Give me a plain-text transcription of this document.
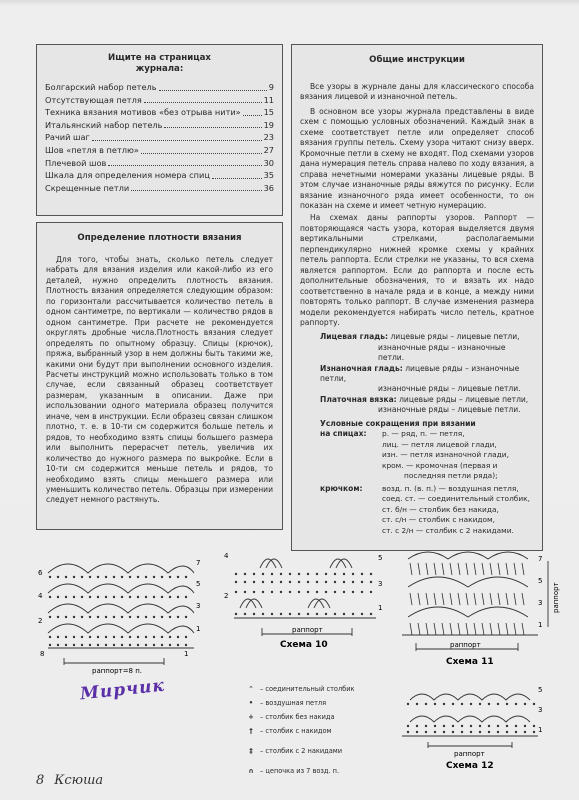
Ищите на страницах журнала:
Болгарский набор петель	9
Отсутствующая петля	11
Техника вязания мотивов «без отрыва нити»	15
Итальянский набор петель	19
Рачий шаг	23
Шов «петля в петлю»	27
Плечевой шов	30
Шкала для определения номера спиц	35
Скрещенные петли	36
Определение плотности вязания

Для того, чтобы знать, сколько петель следует набрать для вязания изделия или какой-либо из его деталей, нужно определить плотность вязания. Плотность вязания определяется следующим образом: по горизонтали рассчитывается количество петель в одном сантиметре, по вертикали — количество рядов в одном сантиметре. При расчете не рекомендуется округлять дробные числа.Плотность вязания следует определять по опытному образцу. Спицы (крючок), пряжа, выбранный узор в нем должны быть такими же, какими они будут при выполнении основного изделия. Расчеты инструкций можно использовать только в том случае, если связанный образец соответствует размерам, указанным в описании. Даже при использовании одного материала образец получится иначе, чем в инструкции. Если образец связан слишком плотно, т. е. в 10-ти см содержится больше петель и рядов, то необходимо взять спицы большего размера или выполнить перерасчет петель, увеличив их количество до нужного размера по выкройке. Если в 10-ти см содержится меньше петель и рядов, то необходимо взять спицы меньшего размера или уменьшить количество петель. Образцы при измерении следует немного растянуть.

Общие инструкции

Все узоры в журнале даны для классического способа вязания лицевой и изнаночной петель.

В основном все узоры журнала представлены в виде схем с помощью условных обозначений. Каждый знак в схеме соответствует петле или определяет способ вязания группы петель. Схему узора читают снизу вверх. Кромочные петли в схему не входят. Под схемами узоров дана нумерация петель справа налево по ходу вязания, а справа нечетными номерами указаны лицевые ряды. В этом случае изнаночные ряды вяжутся по рисунку. Если вязание изнаночного ряда имеет особенности, то он показан на схеме и имеет четную нумерацию.

На схемах даны раппорты узоров. Раппорт — повторяющаяся часть узора, которая выделяется двумя вертикальными стрелками, располагаемыми перпендикулярно нижней кромке схемы у крайних петель раппорта. Если стрелки не указаны, то вся схема является раппортом. Если до раппорта и после есть дополнительные обозначения, то и вязать их надо соответственно в начале ряда и в конце, а между ними повторять только раппорт. В случае изменения размера модели рекомендуется набирать число петель, кратное раппорту.

Лицевая гладь: лицевые ряды – лицевые петли,
изнаночные ряды – изнаночные петли.
Изнаночная гладь: лицевые ряды – изнаночные петли,
изнаночные ряды – лицевые петли.
Платочная вязка: лицевые ряды – лицевые петли,
изнаночные ряды – лицевые петли.
Условные сокращения при вязании
на спицах:	р. — ряд, п. — петля,
лиц. — петля лицевой глади,
изн. — петля изнаночной глади,
кром. — кромочная (первая и
последняя петли ряда);
крючком:	возд. п. (в. п.) — воздушная петля,
соед. ст. — соединительный столбик,
ст. б/н — столбик без накида,
ст. с/н — столбик с накидом,
ст. с 2/н — столбик с 2 накидами.
2
4
6
7
5
3
1
8	1
раппорт=8 п.
4
2
5
3
1
раппорт
Схема 10
7
5
3
1
раппорт
раппорт
Схема 11
5
3
1
раппорт
Схема 12
⌃ – соединительный столбик
•	– воздушная петля
+ – столбик без накида
†	– столбик с накидом
‡	– столбик с 2 накидами
∩ – цепочка из 7 возд. п.
Мирчик
8 Ксюша
